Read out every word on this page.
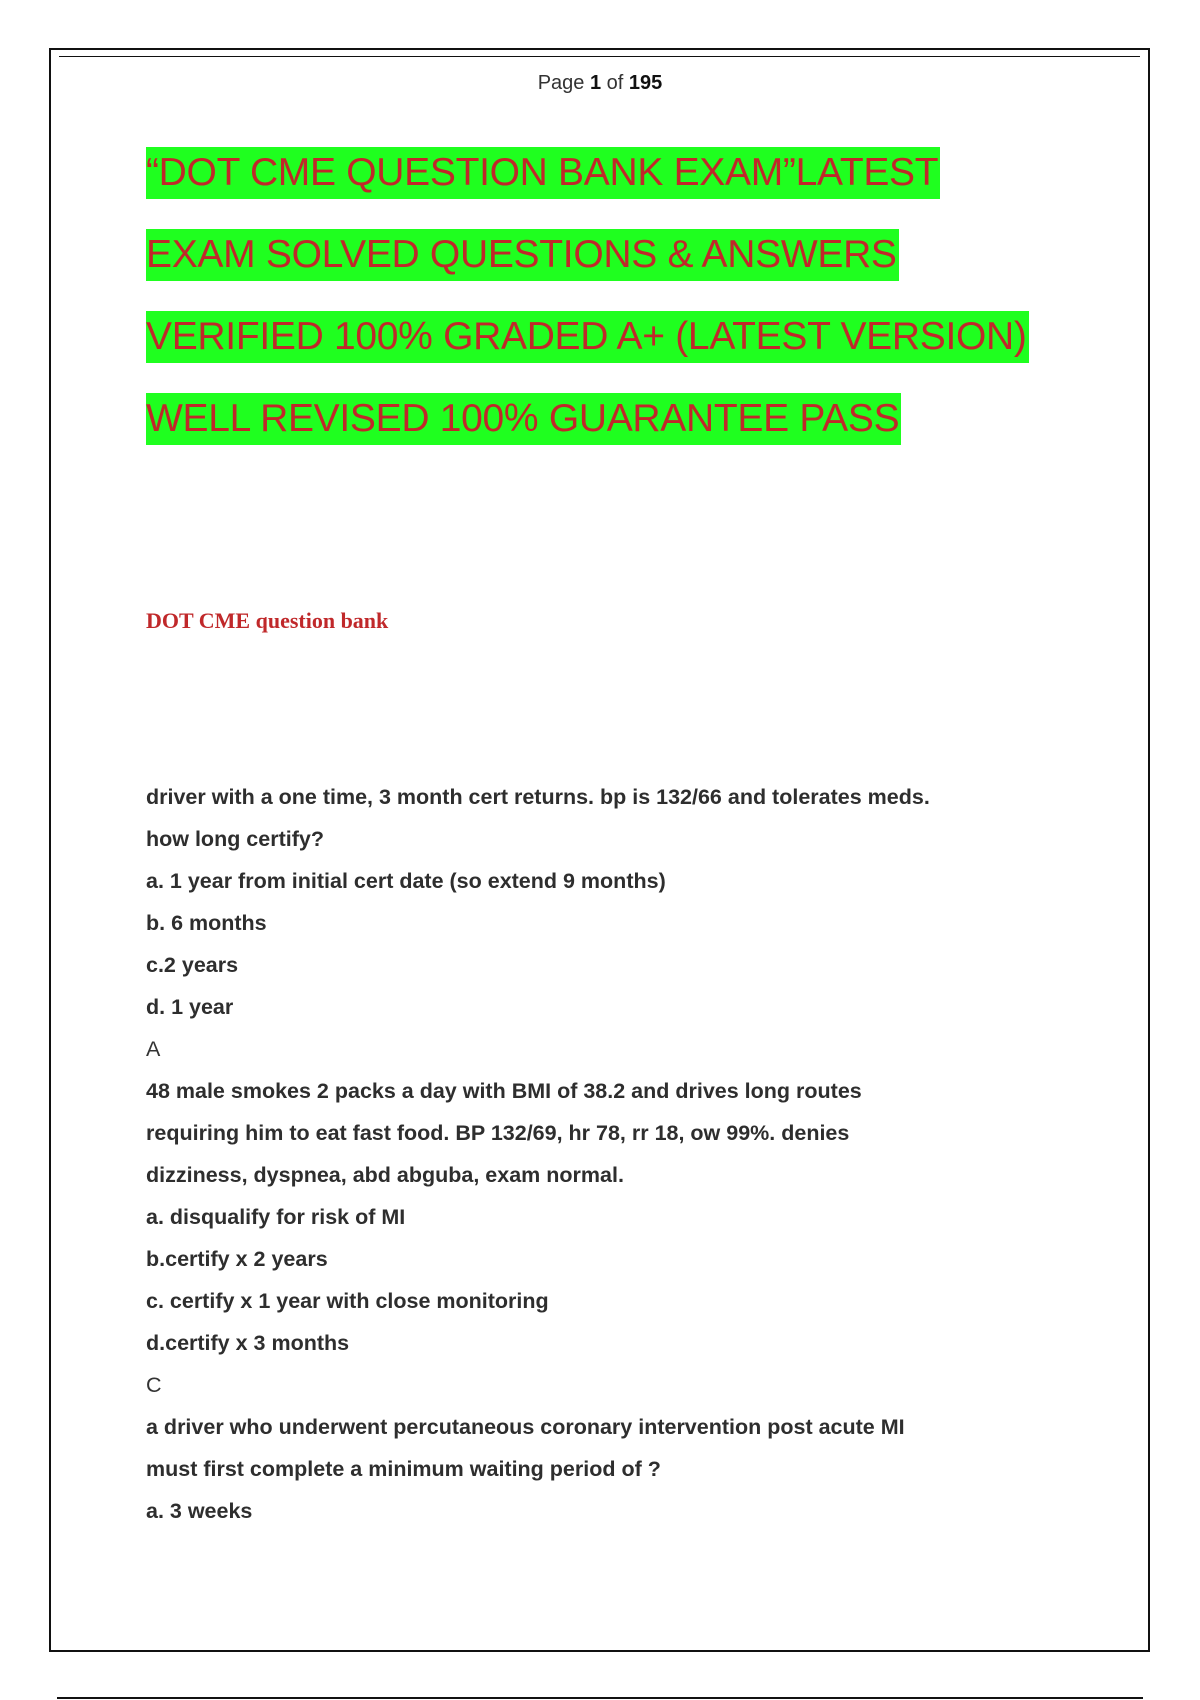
Page 1 of 195
“DOT CME QUESTION BANK EXAM”LATEST
EXAM SOLVED QUESTIONS & ANSWERS
VERIFIED 100% GRADED A+ (LATEST VERSION)
WELL REVISED 100% GUARANTEE PASS
DOT CME question bank
driver with a one time, 3 month cert returns. bp is 132/66 and tolerates meds.
how long certify?
a. 1 year from initial cert date (so extend 9 months)
b. 6 months
c.2 years
d. 1 year
A
48 male smokes 2 packs a day with BMI of 38.2 and drives long routes
requiring him to eat fast food. BP 132/69, hr 78, rr 18, ow 99%. denies
dizziness, dyspnea, abd abguba, exam normal.
a. disqualify for risk of MI
b.certify x 2 years
c. certify x 1 year with close monitoring
d.certify x 3 months
C
a driver who underwent percutaneous coronary intervention post acute MI
must first complete a minimum waiting period of ?
a. 3 weeks
